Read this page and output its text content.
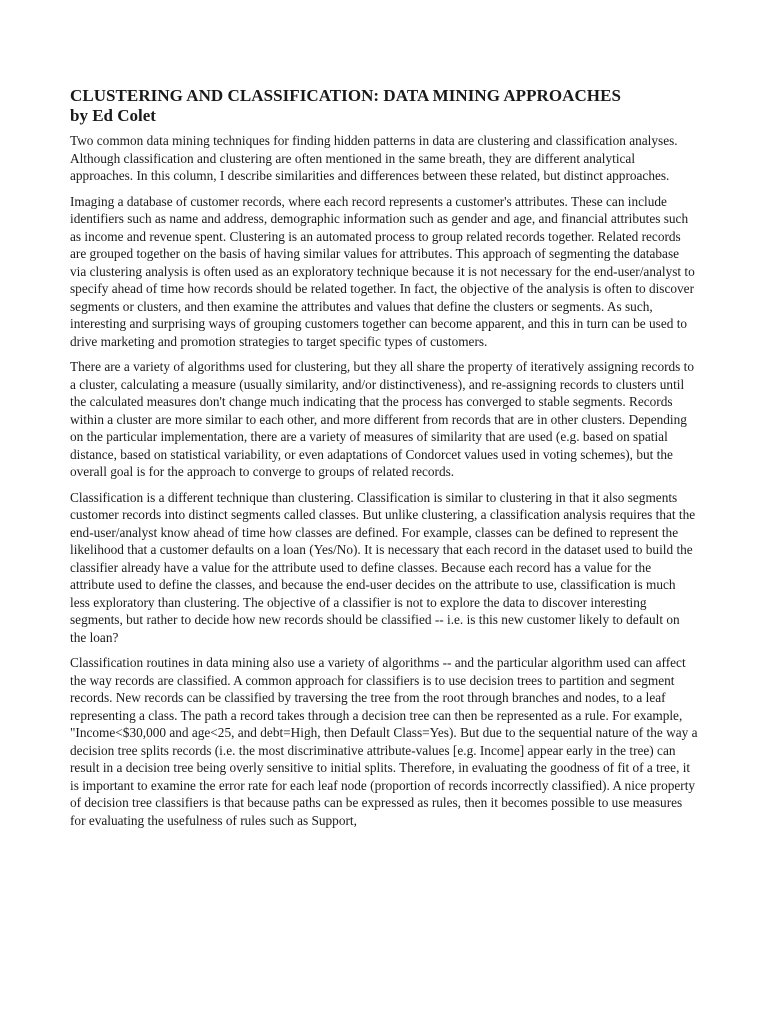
CLUSTERING AND CLASSIFICATION: DATA MINING APPROACHES
by Ed Colet

Two common data mining techniques for finding hidden patterns in data are clustering and classification analyses. Although classification and clustering are often mentioned in the same breath, they are different analytical approaches. In this column, I describe similarities and differences between these related, but distinct approaches.

Imaging a database of customer records, where each record represents a customer's attributes. These can include identifiers such as name and address, demographic information such as gender and age, and financial attributes such as income and revenue spent. Clustering is an automated process to group related records together. Related records are grouped together on the basis of having similar values for attributes. This approach of segmenting the database via clustering analysis is often used as an exploratory technique because it is not necessary for the end-user/analyst to specify ahead of time how records should be related together. In fact, the objective of the analysis is often to discover segments or clusters, and then examine the attributes and values that define the clusters or segments. As such, interesting and surprising ways of grouping customers together can become apparent, and this in turn can be used to drive marketing and promotion strategies to target specific types of customers.

There are a variety of algorithms used for clustering, but they all share the property of iteratively assigning records to a cluster, calculating a measure (usually similarity, and/or distinctiveness), and re-assigning records to clusters until the calculated measures don't change much indicating that the process has converged to stable segments. Records within a cluster are more similar to each other, and more different from records that are in other clusters. Depending on the particular implementation, there are a variety of measures of similarity that are used (e.g. based on spatial distance, based on statistical variability, or even adaptations of Condorcet values used in voting schemes), but the overall goal is for the approach to converge to groups of related records.

Classification is a different technique than clustering. Classification is similar to clustering in that it also segments customer records into distinct segments called classes. But unlike clustering, a classification analysis requires that the end-user/analyst know ahead of time how classes are defined. For example, classes can be defined to represent the likelihood that a customer defaults on a loan (Yes/No). It is necessary that each record in the dataset used to build the classifier already have a value for the attribute used to define classes. Because each record has a value for the attribute used to define the classes, and because the end-user decides on the attribute to use, classification is much less exploratory than clustering. The objective of a classifier is not to explore the data to discover interesting segments, but rather to decide how new records should be classified -- i.e. is this new customer likely to default on the loan?

Classification routines in data mining also use a variety of algorithms -- and the particular algorithm used can affect the way records are classified. A common approach for classifiers is to use decision trees to partition and segment records. New records can be classified by traversing the tree from the root through branches and nodes, to a leaf representing a class. The path a record takes through a decision tree can then be represented as a rule. For example, "Income<$30,000 and age<25, and debt=High, then Default Class=Yes). But due to the sequential nature of the way a decision tree splits records (i.e. the most discriminative attribute-values [e.g. Income] appear early in the tree) can result in a decision tree being overly sensitive to initial splits. Therefore, in evaluating the goodness of fit of a tree, it is important to examine the error rate for each leaf node (proportion of records incorrectly classified). A nice property of decision tree classifiers is that because paths can be expressed as rules, then it becomes possible to use measures for evaluating the usefulness of rules such as Support,
